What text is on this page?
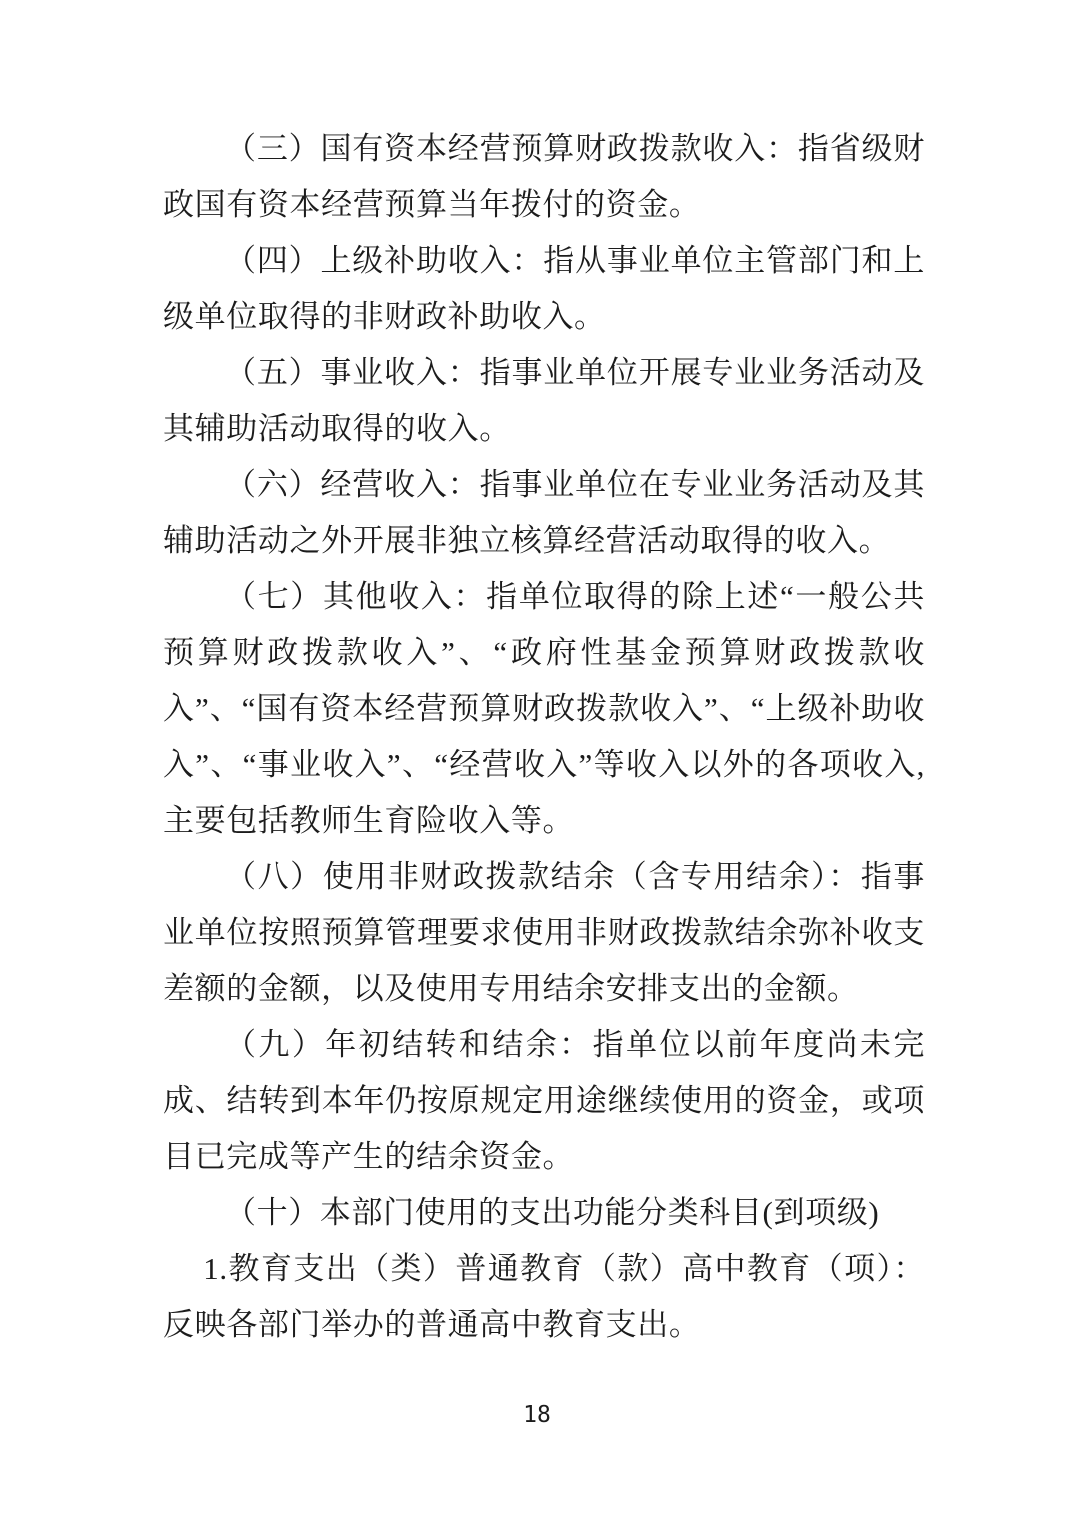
（三）国有资本经营预算财政拨款收入：指省级财政国有资本经营预算当年拨付的资金。

（四）上级补助收入：指从事业单位主管部门和上级单位取得的非财政补助收入。

（五）事业收入：指事业单位开展专业业务活动及其辅助活动取得的收入。

（六）经营收入：指事业单位在专业业务活动及其辅助活动之外开展非独立核算经营活动取得的收入。

（七）其他收入：指单位取得的除上述“一般公共预算财政拨款收入”、“政府性基金预算财政拨款收入”、“国有资本经营预算财政拨款收入”、“上级补助收入”、“事业收入”、“经营收入”等收入以外的各项收入,主要包括教师生育险收入等。

（八）使用非财政拨款结余（含专用结余）：指事业单位按照预算管理要求使用非财政拨款结余弥补收支差额的金额，以及使用专用结余安排支出的金额。

（九）年初结转和结余：指单位以前年度尚未完成、结转到本年仍按原规定用途继续使用的资金，或项目已完成等产生的结余资金。

（十）本部门使用的支出功能分类科目(到项级)

1.教育支出（类）普通教育（款）高中教育（项）：反映各部门举办的普通高中教育支出。

18
